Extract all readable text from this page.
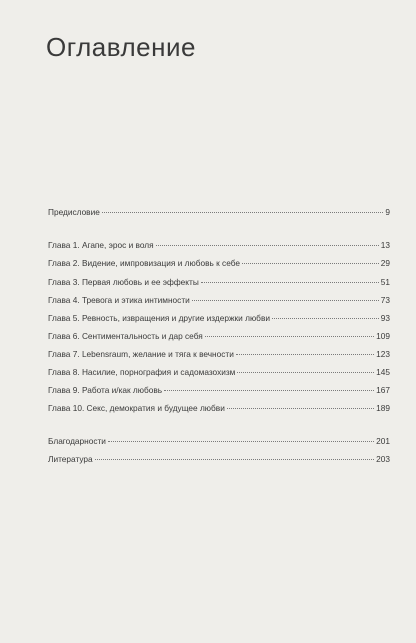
Оглавление
Предисловие	9
Глава 1. Агапе, эрос и воля	13
Глава 2. Видение, импровизация и любовь к себе	29
Глава 3. Первая любовь и ее эффекты	51
Глава 4. Тревога и этика интимности	73
Глава 5. Ревность, извращения и другие издержки любви	93
Глава 6. Сентиментальность и дар себя	109
Глава 7. Lebensraum, желание и тяга к вечности	123
Глава 8. Насилие, порнография и садомазохизм	145
Глава 9. Работа и/как любовь	167
Глава 10. Секс, демократия и будущее любви	189
Благодарности	201
Литература	203
